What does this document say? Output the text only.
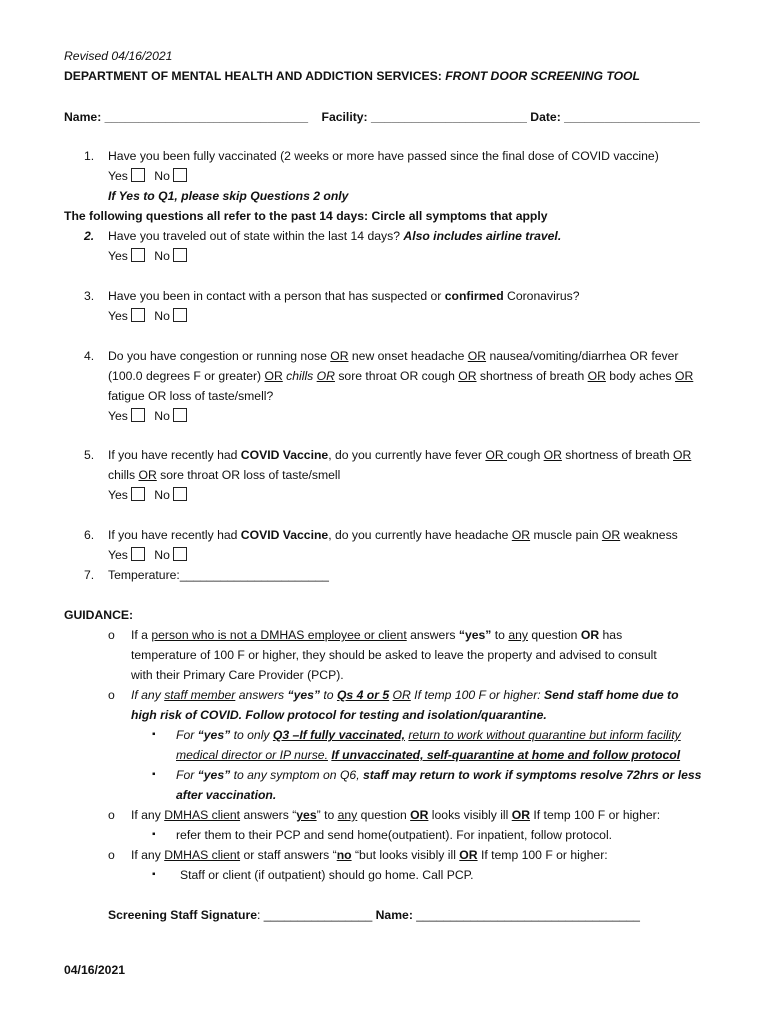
Revised 04/16/2021
DEPARTMENT OF MENTAL HEALTH AND ADDICTION SERVICES: FRONT DOOR SCREENING TOOL
Name: ______________________________ Facility: _______________________ Date: ____________________
1. Have you been fully vaccinated (2 weeks or more have passed since the final dose of COVID vaccine)
Yes No
If Yes to Q1, please skip Questions 2 only
The following questions all refer to the past 14 days: Circle all symptoms that apply
2. Have you traveled out of state within the last 14 days? Also includes airline travel.
Yes No
3. Have you been in contact with a person that has suspected or confirmed Coronavirus?
Yes No
4. Do you have congestion or running nose OR new onset headache OR nausea/vomiting/diarrhea OR fever
(100.0 degrees F or greater) OR chills OR sore throat OR cough OR shortness of breath OR body aches OR
fatigue OR loss of taste/smell?
Yes No
5. If you have recently had COVID Vaccine, do you currently have fever OR cough OR shortness of breath OR
chills OR sore throat OR loss of taste/smell
Yes No
6. If you have recently had COVID Vaccine, do you currently have headache OR muscle pain OR weakness
Yes No
7. Temperature:______________________
GUIDANCE:
o If a person who is not a DMHAS employee or client answers “yes” to any question OR has
temperature of 100 F or higher, they should be asked to leave the property and advised to consult
with their Primary Care Provider (PCP).
o If any staff member answers “yes” to Qs 4 or 5 OR If temp 100 F or higher: Send staff home due to
high risk of COVID. Follow protocol for testing and isolation/quarantine.
▪ For “yes” to only Q3 –If fully vaccinated, return to work without quarantine but inform facility
medical director or IP nurse. If unvaccinated, self-quarantine at home and follow protocol
▪ For “yes” to any symptom on Q6, staff may return to work if symptoms resolve 72hrs or less
after vaccination.
o If any DMHAS client answers “yes” to any question OR looks visibly ill OR If temp 100 F or higher:
▪ refer them to their PCP and send home(outpatient). For inpatient, follow protocol.
o If any DMHAS client or staff answers “no “but looks visibly ill OR If temp 100 F or higher:
▪ Staff or client (if outpatient) should go home. Call PCP.
Screening Staff Signature: ________________ Name: _________________________________
04/16/2021
